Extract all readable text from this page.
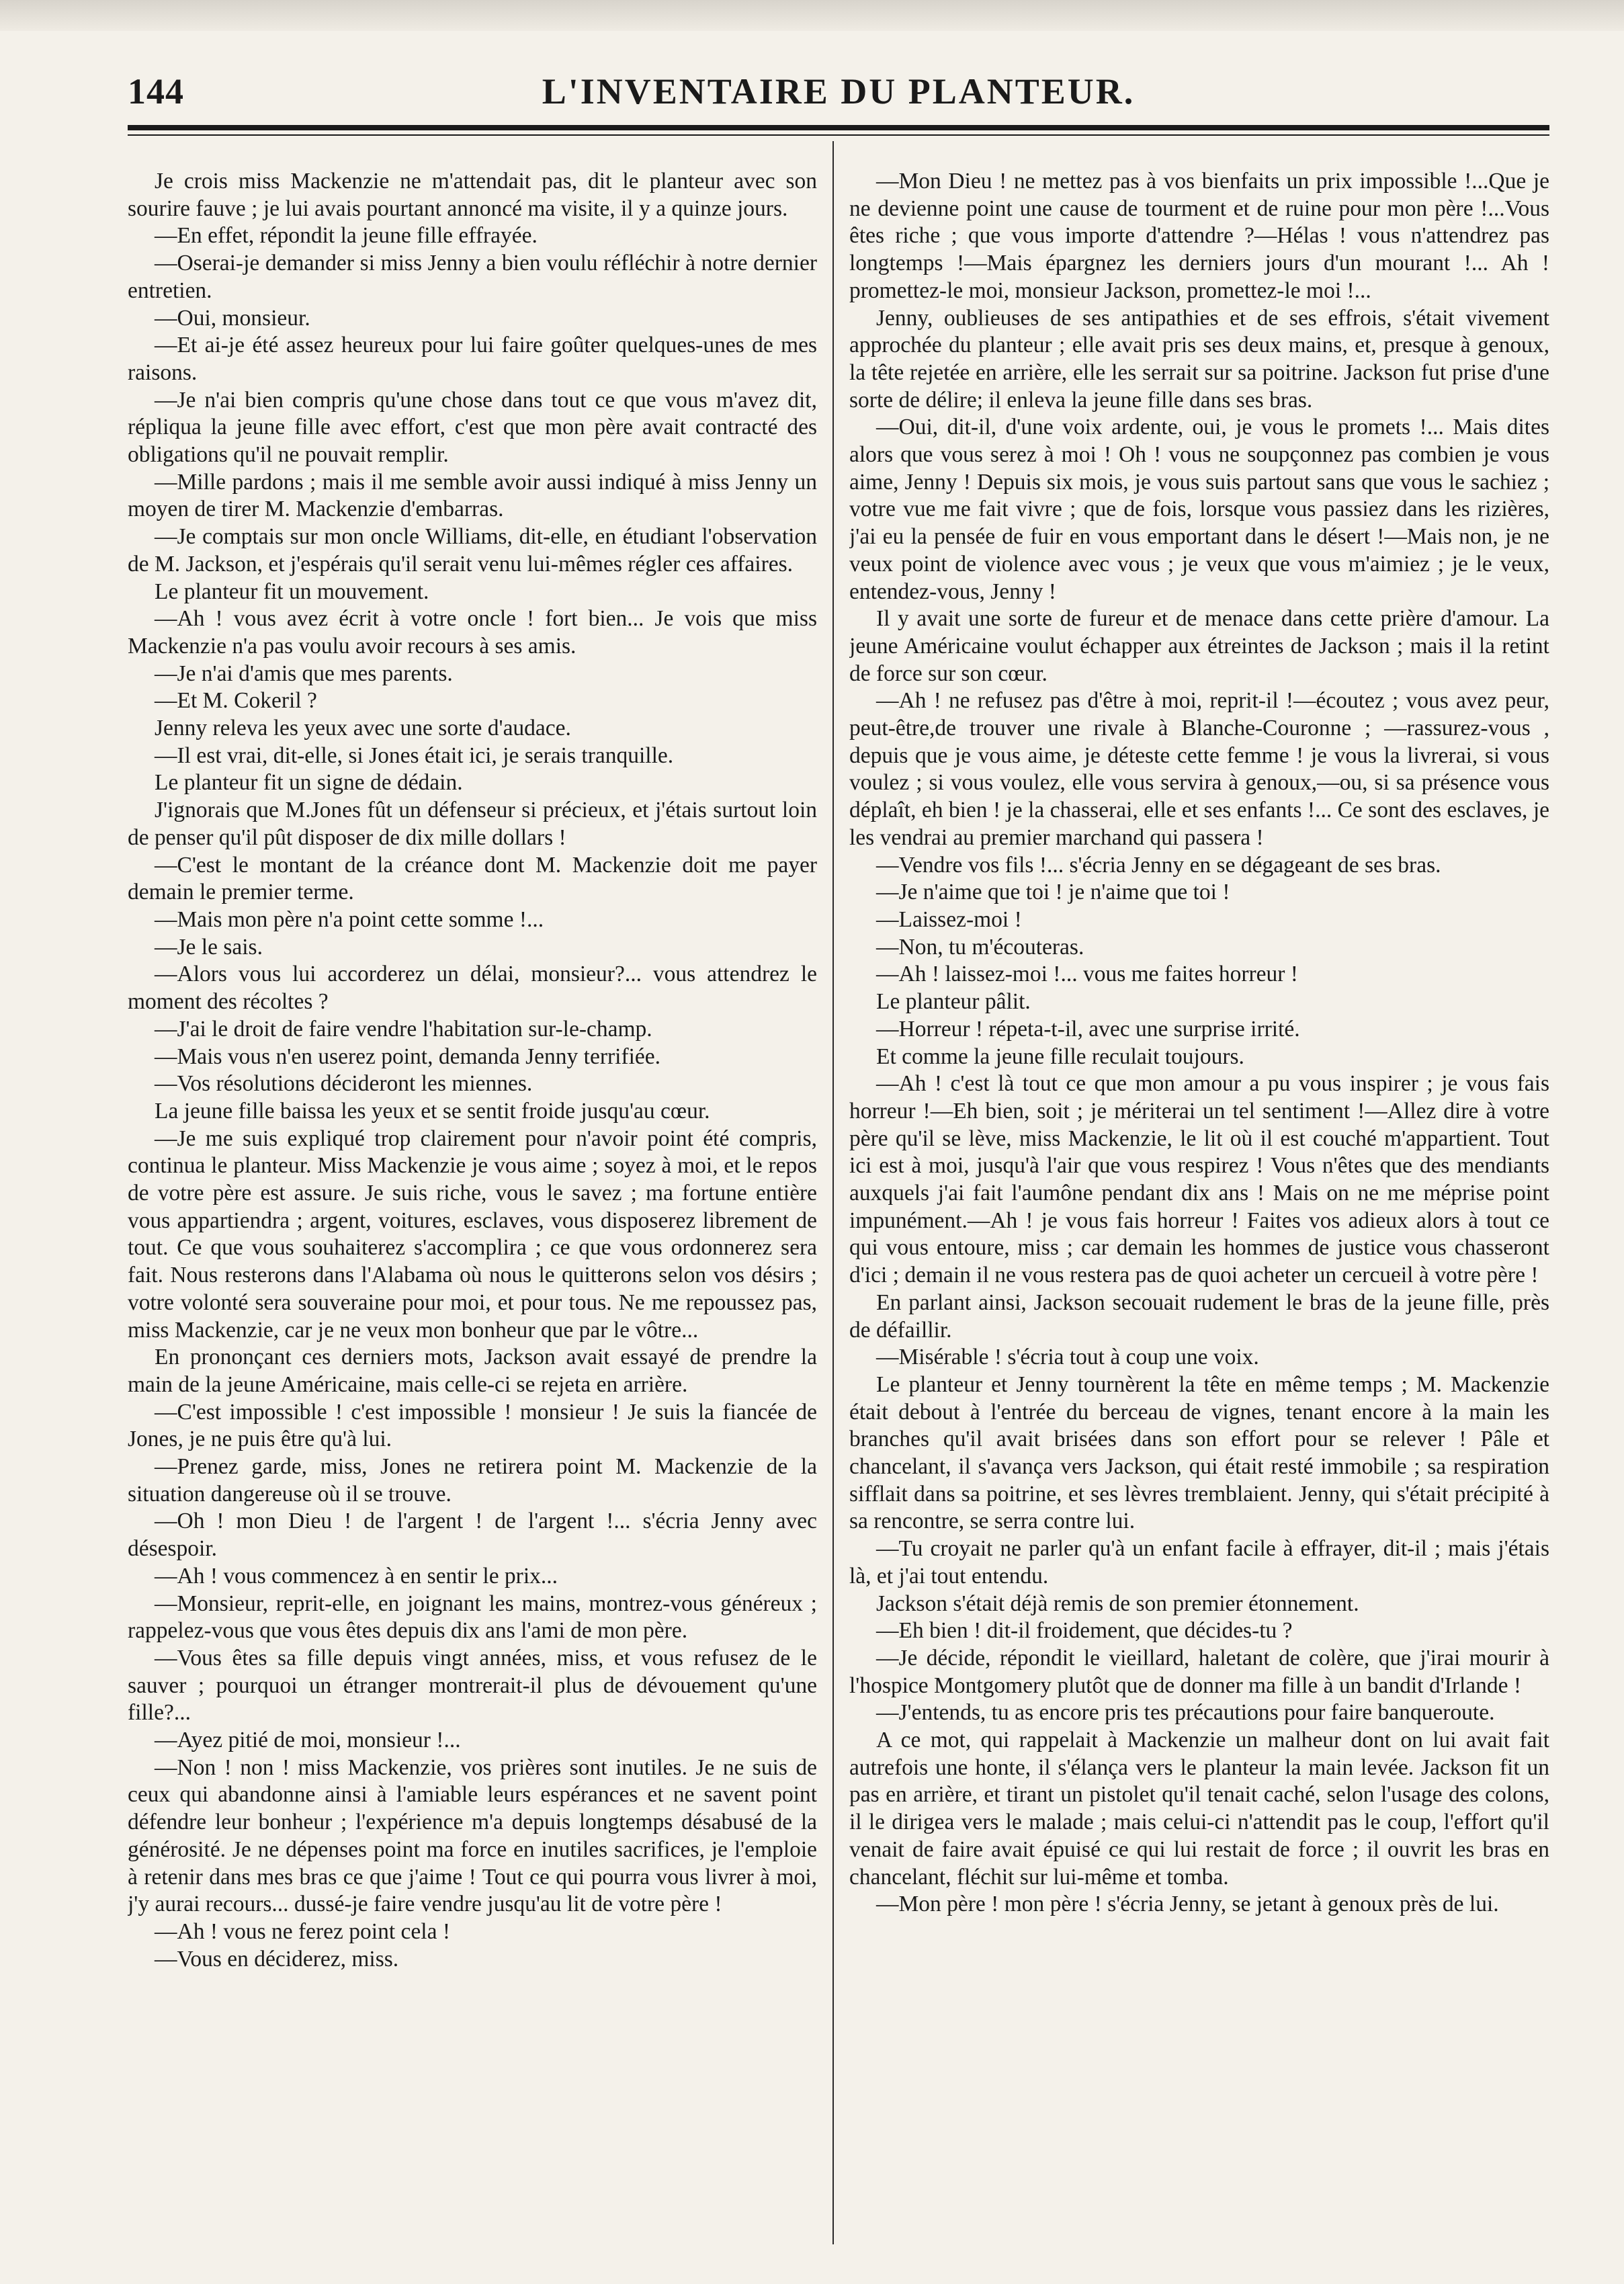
144	L'INVENTAIRE DU PLANTEUR.

Je crois miss Mackenzie ne m'attendait pas, dit le planteur avec son sourire fauve ; je lui avais pourtant annoncé ma visite, il y a quinze jours.

—En effet, répondit la jeune fille effrayée.

—Oserai-je demander si miss Jenny a bien voulu réfléchir à notre dernier entretien.

—Oui, monsieur.

—Et ai-je été assez heureux pour lui faire goûter quelques-unes de mes raisons.

—Je n'ai bien compris qu'une chose dans tout ce que vous m'avez dit, répliqua la jeune fille avec effort, c'est que mon père avait contracté des obligations qu'il ne pouvait remplir.

—Mille pardons ; mais il me semble avoir aussi indiqué à miss Jenny un moyen de tirer M. Mackenzie d'embarras.

—Je comptais sur mon oncle Williams, dit-elle, en étudiant l'observation de M. Jackson, et j'espérais qu'il serait venu lui-mêmes régler ces affaires.

Le planteur fit un mouvement.

—Ah ! vous avez écrit à votre oncle ! fort bien... Je vois que miss Mackenzie n'a pas voulu avoir recours à ses amis.

—Je n'ai d'amis que mes parents.

—Et M. Cokeril ?

Jenny releva les yeux avec une sorte d'audace.

—Il est vrai, dit-elle, si Jones était ici, je serais tranquille.

Le planteur fit un signe de dédain.

J'ignorais que M.Jones fût un défenseur si précieux, et j'étais surtout loin de penser qu'il pût disposer de dix mille dollars !

—C'est le montant de la créance dont M. Mackenzie doit me payer demain le premier terme.

—Mais mon père n'a point cette somme !...

—Je le sais.

—Alors vous lui accorderez un délai, monsieur?... vous attendrez le moment des récoltes ?

—J'ai le droit de faire vendre l'habitation sur-le-champ.

—Mais vous n'en userez point, demanda Jenny terrifiée.

—Vos résolutions décideront les miennes.

La jeune fille baissa les yeux et se sentit froide jusqu'au cœur.

—Je me suis expliqué trop clairement pour n'avoir point été compris, continua le planteur. Miss Mackenzie je vous aime ; soyez à moi, et le repos de votre père est assure. Je suis riche, vous le savez ; ma fortune entière vous appartiendra ; argent, voitures, esclaves, vous disposerez librement de tout. Ce que vous souhaiterez s'accomplira ; ce que vous ordonnerez sera fait. Nous resterons dans l'Alabama où nous le quitterons selon vos désirs ; votre volonté sera souveraine pour moi, et pour tous. Ne me repoussez pas, miss Mackenzie, car je ne veux mon bonheur que par le vôtre...

En prononçant ces derniers mots, Jackson avait essayé de prendre la main de la jeune Américaine, mais celle-ci se rejeta en arrière.

—C'est impossible ! c'est impossible ! monsieur ! Je suis la fiancée de Jones, je ne puis être qu'à lui.

—Prenez garde, miss, Jones ne retirera point M. Mackenzie de la situation dangereuse où il se trouve.

—Oh ! mon Dieu ! de l'argent ! de l'argent !... s'écria Jenny avec désespoir.

—Ah ! vous commencez à en sentir le prix...

—Monsieur, reprit-elle, en joignant les mains, montrez-vous généreux ; rappelez-vous que vous êtes depuis dix ans l'ami de mon père.

—Vous êtes sa fille depuis vingt années, miss, et vous refusez de le sauver ; pourquoi un étranger montrerait-il plus de dévouement qu'une fille?...

—Ayez pitié de moi, monsieur !...

—Non ! non ! miss Mackenzie, vos prières sont inutiles. Je ne suis de ceux qui abandonne ainsi à l'amiable leurs espérances et ne savent point défendre leur bonheur ; l'expérience m'a depuis longtemps désabusé de la générosité. Je ne dépenses point ma force en inutiles sacrifices, je l'emploie à retenir dans mes bras ce que j'aime ! Tout ce qui pourra vous livrer à moi, j'y aurai recours... dussé-je faire vendre jusqu'au lit de votre père !

—Ah ! vous ne ferez point cela !

—Vous en déciderez, miss.

—Mon Dieu ! ne mettez pas à vos bienfaits un prix impossible !...Que je ne devienne point une cause de tourment et de ruine pour mon père !...Vous êtes riche ; que vous importe d'attendre ?—Hélas ! vous n'attendrez pas longtemps !—Mais épargnez les derniers jours d'un mourant !... Ah ! promettez-le moi, monsieur Jackson, promettez-le moi !...

Jenny, oublieuses de ses antipathies et de ses effrois, s'était vivement approchée du planteur ; elle avait pris ses deux mains, et, presque à genoux, la tête rejetée en arrière, elle les serrait sur sa poitrine. Jackson fut prise d'une sorte de délire; il enleva la jeune fille dans ses bras.

—Oui, dit-il, d'une voix ardente, oui, je vous le promets !... Mais dites alors que vous serez à moi ! Oh ! vous ne soupçonnez pas combien je vous aime, Jenny ! Depuis six mois, je vous suis partout sans que vous le sachiez ; votre vue me fait vivre ; que de fois, lorsque vous passiez dans les rizières, j'ai eu la pensée de fuir en vous emportant dans le désert !—Mais non, je ne veux point de violence avec vous ; je veux que vous m'aimiez ; je le veux, entendez-vous, Jenny !

Il y avait une sorte de fureur et de menace dans cette prière d'amour. La jeune Américaine voulut échapper aux étreintes de Jackson ; mais il la retint de force sur son cœur.

—Ah ! ne refusez pas d'être à moi, reprit-il !—écoutez ; vous avez peur, peut-être,de trouver une rivale à Blanche-Couronne ; —rassurez-vous , depuis que je vous aime, je déteste cette femme ! je vous la livrerai, si vous voulez ; si vous voulez, elle vous servira à genoux,—ou, si sa présence vous déplaît, eh bien ! je la chasserai, elle et ses enfants !... Ce sont des esclaves, je les vendrai au premier marchand qui passera !

—Vendre vos fils !... s'écria Jenny en se dégageant de ses bras.

—Je n'aime que toi ! je n'aime que toi !

—Laissez-moi !

—Non, tu m'écouteras.

—Ah ! laissez-moi !... vous me faites horreur !

Le planteur pâlit.

—Horreur ! répeta-t-il, avec une surprise irrité.

Et comme la jeune fille reculait toujours.

—Ah ! c'est là tout ce que mon amour a pu vous inspirer ; je vous fais horreur !—Eh bien, soit ; je mériterai un tel sentiment !—Allez dire à votre père qu'il se lève, miss Mackenzie, le lit où il est couché m'appartient. Tout ici est à moi, jusqu'à l'air que vous respirez ! Vous n'êtes que des mendiants auxquels j'ai fait l'aumône pendant dix ans ! Mais on ne me méprise point impunément.—Ah ! je vous fais horreur ! Faites vos adieux alors à tout ce qui vous entoure, miss ; car demain les hommes de justice vous chasseront d'ici ; demain il ne vous restera pas de quoi acheter un cercueil à votre père !

En parlant ainsi, Jackson secouait rudement le bras de la jeune fille, près de défaillir.

—Misérable ! s'écria tout à coup une voix.

Le planteur et Jenny tournèrent la tête en même temps ; M. Mackenzie était debout à l'entrée du berceau de vignes, tenant encore à la main les branches qu'il avait brisées dans son effort pour se relever ! Pâle et chancelant, il s'avança vers Jackson, qui était resté immobile ; sa respiration sifflait dans sa poitrine, et ses lèvres tremblaient. Jenny, qui s'était précipité à sa rencontre, se serra contre lui.

—Tu croyait ne parler qu'à un enfant facile à effrayer, dit-il ; mais j'étais là, et j'ai tout entendu.

Jackson s'était déjà remis de son premier étonnement.

—Eh bien ! dit-il froidement, que décides-tu ?

—Je décide, répondit le vieillard, haletant de colère, que j'irai mourir à l'hospice Montgomery plutôt que de donner ma fille à un bandit d'Irlande !

—J'entends, tu as encore pris tes précautions pour faire banqueroute.

A ce mot, qui rappelait à Mackenzie un malheur dont on lui avait fait autrefois une honte, il s'élança vers le planteur la main levée. Jackson fit un pas en arrière, et tirant un pistolet qu'il tenait caché, selon l'usage des colons, il le dirigea vers le malade ; mais celui-ci n'attendit pas le coup, l'effort qu'il venait de faire avait épuisé ce qui lui restait de force ; il ouvrit les bras en chancelant, fléchit sur lui-même et tomba.

—Mon père ! mon père ! s'écria Jenny, se jetant à genoux près de lui.
